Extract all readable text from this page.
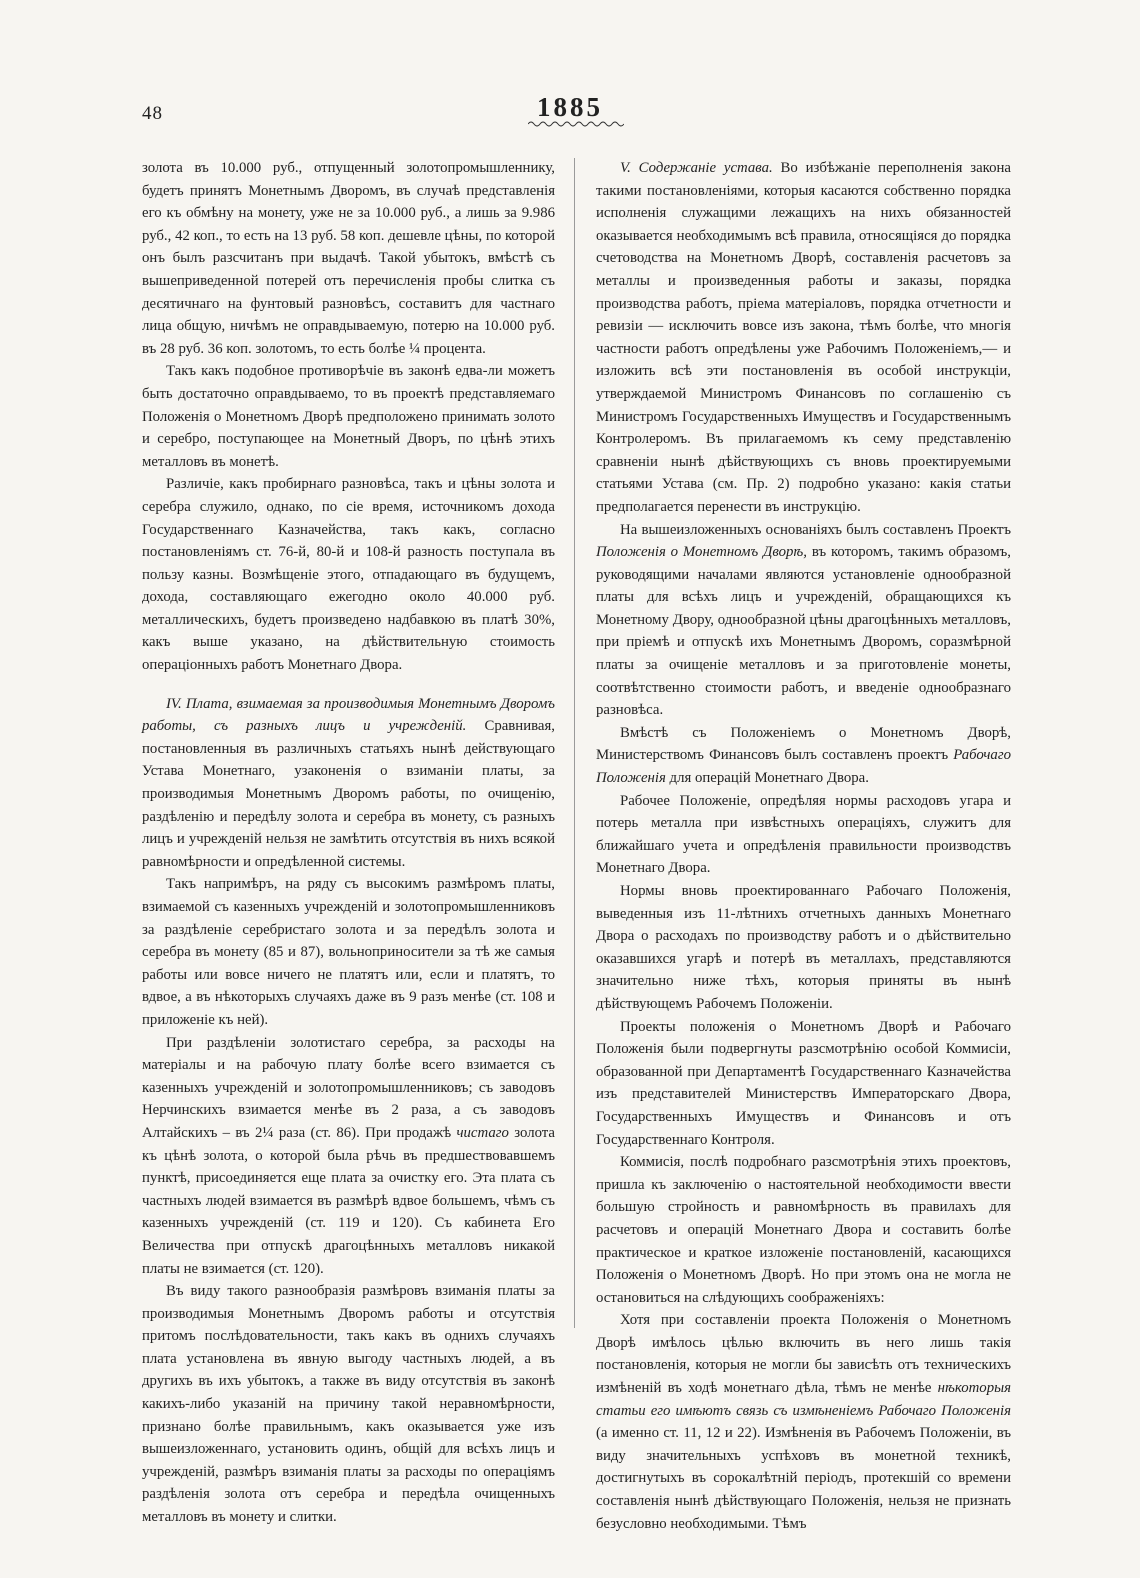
48	1885

золота въ 10.000 руб., отпущенный золотопромышленнику, будетъ принятъ Монетнымъ Дворомъ, въ случаѣ представленія его къ обмѣну на монету, уже не за 10.000 руб., а лишь за 9.986 руб., 42 коп., то есть на 13 руб. 58 коп. дешевле цѣны, по которой онъ былъ разсчитанъ при выдачѣ. Такой убытокъ, вмѣстѣ съ вышеприведенной потерей отъ перечисленія пробы слитка съ десятичнаго на фунтовый разновѣсъ, составитъ для частнаго лица общую, ничѣмъ не оправдываемую, потерю на 10.000 руб. въ 28 руб. 36 коп. золотомъ, то есть болѣе ¼ процента.

Такъ какъ подобное противорѣчіе въ законѣ едва-ли можетъ быть достаточно оправдываемо, то въ проектѣ представляемаго Положенія о Монетномъ Дворѣ предположено принимать золото и серебро, поступающее на Монетный Дворъ, по цѣнѣ этихъ металловъ въ монетѣ.

Различіе, какъ пробирнаго разновѣса, такъ и цѣны золота и серебра служило, однако, по сіе время, источникомъ дохода Государственнаго Казначейства, такъ какъ, согласно постановленіямъ ст. 76-й, 80-й и 108-й разность поступала въ пользу казны. Возмѣщеніе этого, отпадающаго въ будущемъ, дохода, составляющаго ежегодно около 40.000 руб. металлическихъ, будетъ произведено надбавкою въ платѣ 30%, какъ выше указано, на дѣйствительную стоимость операціонныхъ работъ Монетнаго Двора.

IV. Плата, взимаемая за производимыя Монетнымъ Дворомъ работы, съ разныхъ лицъ и учрежденій. Сравнивая, постановленныя въ различныхъ статьяхъ нынѣ действующаго Устава Монетнаго, узаконенія о взиманіи платы, за производимыя Монетнымъ Дворомъ работы, по очищенію, раздѣленію и передѣлу золота и серебра въ монету, съ разныхъ лицъ и учрежденій нельзя не замѣтить отсутствія въ нихъ всякой равномѣрности и опредѣленной системы.

Такъ напримѣръ, на ряду съ высокимъ размѣромъ платы, взимаемой съ казенныхъ учрежденій и золотопромышленниковъ за раздѣленіе серебристаго золота и за передѣлъ золота и серебра въ монету (85 и 87), вольноприносители за тѣ же самыя работы или вовсе ничего не платятъ или, если и платятъ, то вдвое, а въ нѣкоторыхъ случаяхъ даже въ 9 разъ менѣе (ст. 108 и приложеніе къ ней).

При раздѣленіи золотистаго серебра, за расходы на матеріалы и на рабочую плату болѣе всего взимается съ казенныхъ учрежденій и золотопромышленниковъ; съ заводовъ Нерчинскихъ взимается менѣе въ 2 раза, а съ заводовъ Алтайскихъ – въ 2¼ раза (ст. 86). При продажѣ чистаго золота къ цѣнѣ золота, о которой была рѣчь въ предшествовавшемъ пунктѣ, присоединяется еще плата за очистку его. Эта плата съ частныхъ людей взимается въ размѣрѣ вдвое большемъ, чѣмъ съ казенныхъ учрежденій (ст. 119 и 120). Съ кабинета Его Величества при отпускѣ драгоцѣнныхъ металловъ никакой платы не взимается (ст. 120).

Въ виду такого разнообразія размѣровъ взиманія платы за производимыя Монетнымъ Дворомъ работы и отсутствія притомъ послѣдовательности, такъ какъ въ однихъ случаяхъ плата установлена въ явную выгоду частныхъ людей, а въ другихъ въ ихъ убытокъ, а также въ виду отсутствія въ законѣ какихъ-либо указаній на причину такой неравномѣрности, признано болѣе правильнымъ, какъ оказывается уже изъ вышеизложеннаго, установить одинъ, общій для всѣхъ лицъ и учрежденій, размѣръ взиманія платы за расходы по операціямъ раздѣленія золота отъ серебра и передѣла очищенныхъ металловъ въ монету и слитки.

V. Содержаніе устава. Во избѣжаніе переполненія закона такими постановленіями, которыя касаются собственно порядка исполненія служащими лежащихъ на нихъ обязанностей оказывается необходимымъ всѣ правила, относящіяся до порядка счетоводства на Монетномъ Дворѣ, составленія расчетовъ за металлы и произведенныя работы и заказы, порядка производства работъ, пріема матеріаловъ, порядка отчетности и ревизіи — исключить вовсе изъ закона, тѣмъ болѣе, что многія частности работъ опредѣлены уже Рабочимъ Положеніемъ,— и изложить всѣ эти постановленія въ особой инструкціи, утверждаемой Министромъ Финансовъ по соглашенію съ Министромъ Государственныхъ Имуществъ и Государственнымъ Контролеромъ. Въ прилагаемомъ къ сему представленію сравненіи нынѣ дѣйствующихъ съ вновь проектируемыми статьями Устава (см. Пр. 2) подробно указано: какія статьи предполагается перенести въ инструкцію.

На вышеизложенныхъ основаніяхъ былъ составленъ Проектъ Положенія о Монетномъ Дворѣ, въ которомъ, такимъ образомъ, руководящими началами являются установленіе однообразной платы для всѣхъ лицъ и учрежденій, обращающихся къ Монетному Двору, однообразной цѣны драгоцѣнныхъ металловъ, при пріемѣ и отпускѣ ихъ Монетнымъ Дворомъ, соразмѣрной платы за очищеніе металловъ и за приготовленіе монеты, соотвѣтственно стоимости работъ, и введеніе однообразнаго разновѣса.

Вмѣстѣ съ Положеніемъ о Монетномъ Дворѣ, Министерствомъ Финансовъ былъ составленъ проектъ Рабочаго Положенія для операцій Монетнаго Двора.

Рабочее Положеніе, опредѣляя нормы расходовъ угара и потерь металла при извѣстныхъ операціяхъ, служитъ для ближайшаго учета и опредѣленія правильности производствъ Монетнаго Двора.

Нормы вновь проектированнаго Рабочаго Положенія, выведенныя изъ 11-лѣтнихъ отчетныхъ данныхъ Монетнаго Двора о расходахъ по производству работъ и о дѣйствительно оказавшихся угарѣ и потерѣ въ металлахъ, представляются значительно ниже тѣхъ, которыя приняты въ нынѣ дѣйствующемъ Рабочемъ Положеніи.

Проекты положенія о Монетномъ Дворѣ и Рабочаго Положенія были подвергнуты разсмотрѣнію особой Коммисіи, образованной при Департаментѣ Государственнаго Казначейства изъ представителей Министерствъ Императорскаго Двора, Государственныхъ Имуществъ и Финансовъ и отъ Государственнаго Контроля.

Коммисія, послѣ подробнаго разсмотрѣнія этихъ проектовъ, пришла къ заключенію о настоятельной необходимости ввести большую стройность и равномѣрность въ правилахъ для расчетовъ и операцій Монетнаго Двора и составить болѣе практическое и краткое изложеніе постановленій, касающихся Положенія о Монетномъ Дворѣ. Но при этомъ она не могла не остановиться на слѣдующихъ соображеніяхъ:

Хотя при составленіи проекта Положенія о Монетномъ Дворѣ имѣлось цѣлью включить въ него лишь такія постановленія, которыя не могли бы зависѣть отъ техническихъ измѣненій въ ходѣ монетнаго дѣла, тѣмъ не менѣе нѣкоторыя статьи его имѣютъ связь съ измѣненіемъ Рабочаго Положенія (а именно ст. 11, 12 и 22). Измѣненія въ Рабочемъ Положеніи, въ виду значительныхъ успѣховъ въ монетной техникѣ, достигнутыхъ въ сорокалѣтній періодъ, протекшій со времени составленія нынѣ дѣйствующаго Положенія, нельзя не признать безусловно необходимыми. Тѣмъ
